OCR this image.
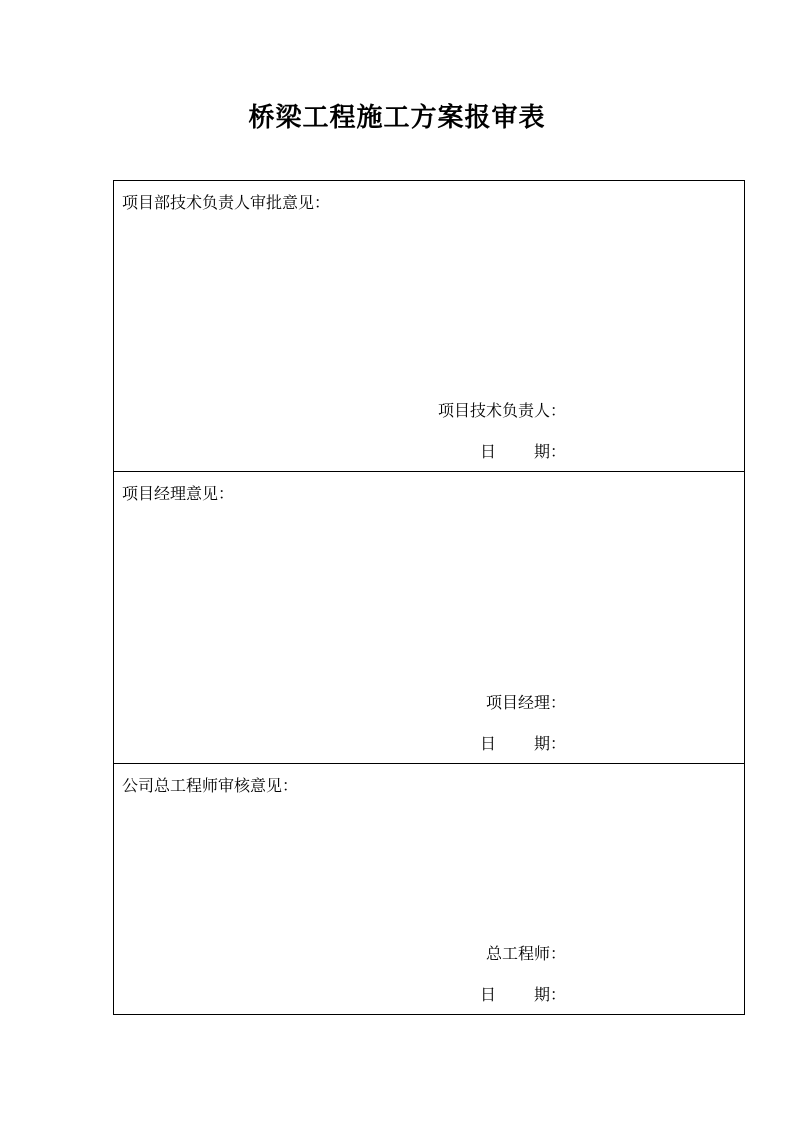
桥梁工程施工方案报审表
项目部技术负责人审批意见：
项目技术负责人：
日 期：
项目经理意见：
项目经理：
日 期：
公司总工程师审核意见：
总工程师：
日 期：
